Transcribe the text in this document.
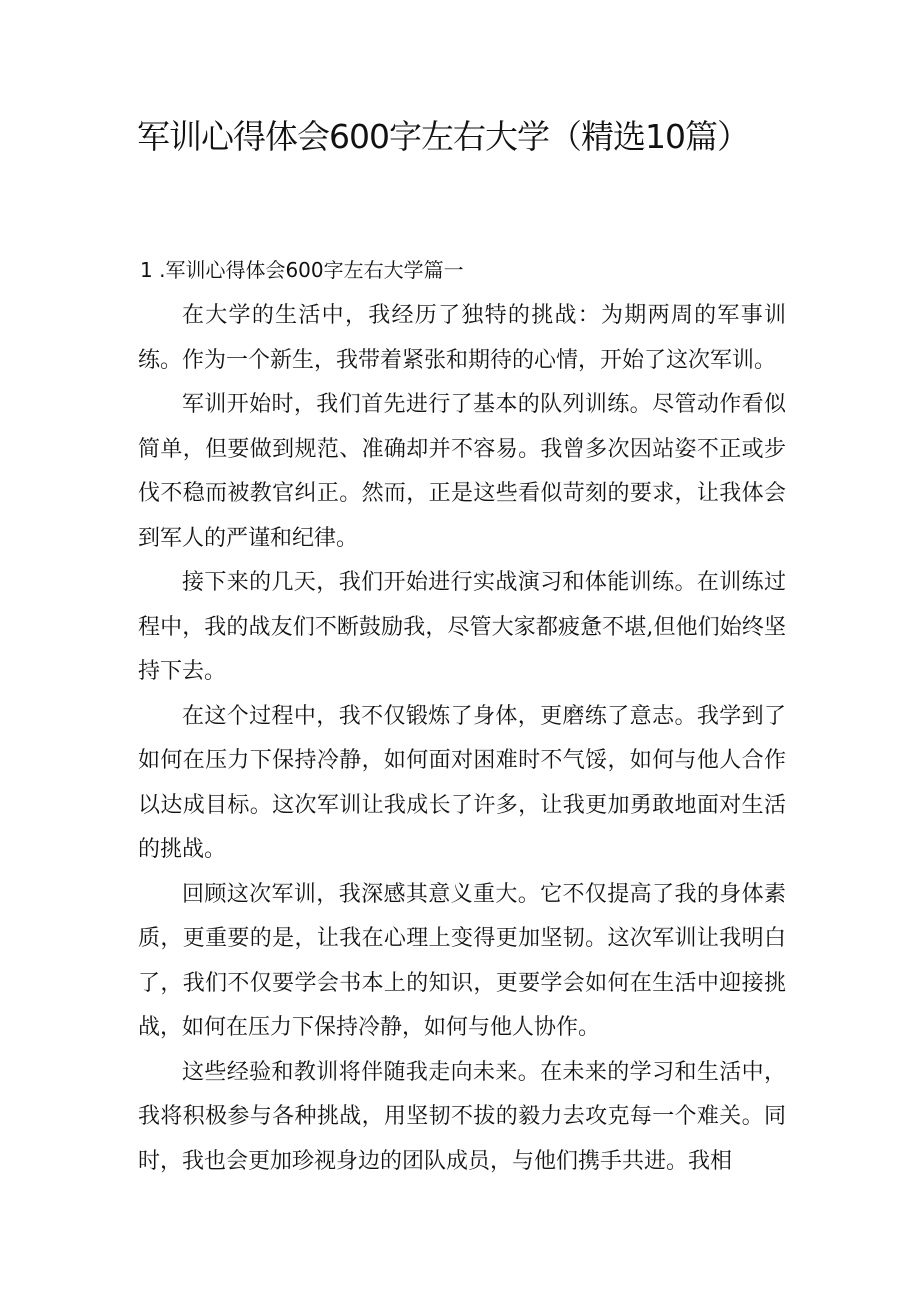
军训心得体会600字左右大学（精选10篇）
1 .军训心得体会600字左右大学篇一

在大学的生活中，我经历了独特的挑战：为期两周的军事训练。作为一个新生，我带着紧张和期待的心情，开始了这次军训。

军训开始时，我们首先进行了基本的队列训练。尽管动作看似简单，但要做到规范、准确却并不容易。我曾多次因站姿不正或步伐不稳而被教官纠正。然而，正是这些看似苛刻的要求，让我体会到军人的严谨和纪律。

接下来的几天，我们开始进行实战演习和体能训练。在训练过程中，我的战友们不断鼓励我，尽管大家都疲惫不堪,但他们始终坚持下去。

在这个过程中，我不仅锻炼了身体，更磨练了意志。我学到了如何在压力下保持冷静，如何面对困难时不气馁，如何与他人合作以达成目标。这次军训让我成长了许多，让我更加勇敢地面对生活的挑战。

回顾这次军训，我深感其意义重大。它不仅提高了我的身体素质，更重要的是，让我在心理上变得更加坚韧。这次军训让我明白了，我们不仅要学会书本上的知识，更要学会如何在生活中迎接挑战，如何在压力下保持冷静，如何与他人协作。

这些经验和教训将伴随我走向未来。在未来的学习和生活中，我将积极参与各种挑战，用坚韧不拔的毅力去攻克每一个难关。同时，我也会更加珍视身边的团队成员，与他们携手共进。我相
